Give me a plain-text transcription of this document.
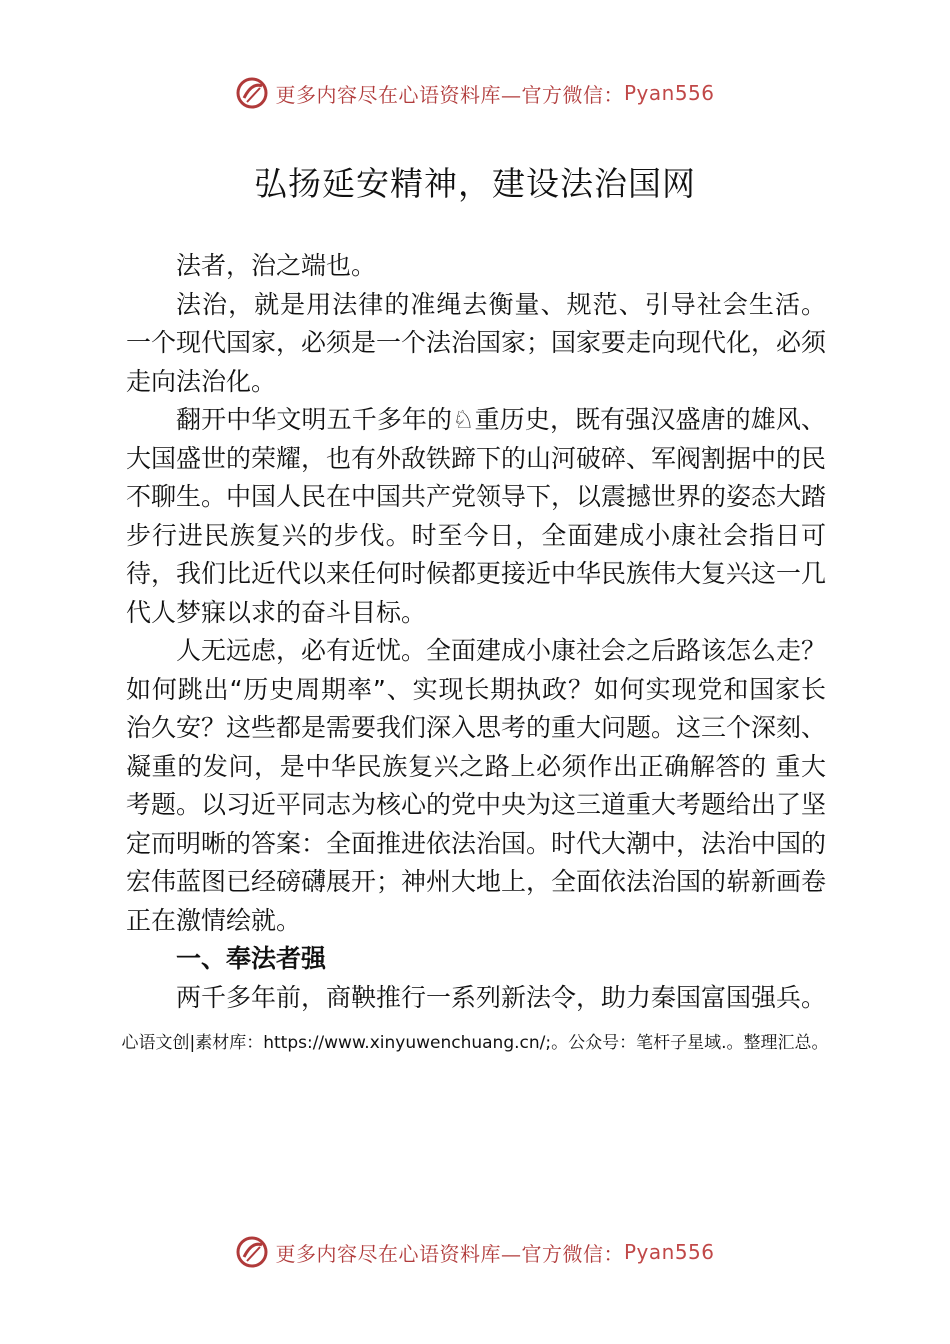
更多内容尽在心语资料库—官方微信： Pyan556
弘扬延安精神，建设法治国网

法者，治之端也。

法治，就是用法律的准绳去衡量、规范、引导社会生活。 一个现代国家，必须是一个法治国家；国家要走向现代化，必须走向法治化。

翻开中华文明五千多年的♘重历史，既有强汉盛唐的雄风、大国盛世的荣耀，也有外敌铁蹄下的山河破碎、军阀割据中的民不聊生。中国人民在中国共产党领导下，以震撼世界的姿态大踏步行进民族复兴的步伐。时至今日，全面建成小康社会指日可待，我们比近代以来任何时候都更接近中华民族伟大复兴这一几代人梦寐以求的奋斗目标。

人无远虑，必有近忧。全面建成小康社会之后路该怎么走？如何跳出“历史周期率”、实现长期执政？如何实现党和国家长治久安？这些都是需要我们深入思考的重大问题。这三个深刻、凝重的发问，是中华民族复兴之路上必须作出正确解答的 重大考题。以习近平同志为核心的党中央为这三道重大考题给出了坚定而明晰的答案：全面推进依法治国。时代大潮中，法治中国的宏伟蓝图已经磅礴展开；神州大地上，全面依法治国的崭新画卷正在激情绘就。

一、奉法者强

两千多年前，商鞅推行一系列新法令，助力秦国富国强兵。

心语文创|素材库：https://www.xinyuwenchuang.cn/;。公众号：笔杆子星域.。整理汇总。
更多内容尽在心语资料库—官方微信： Pyan556
